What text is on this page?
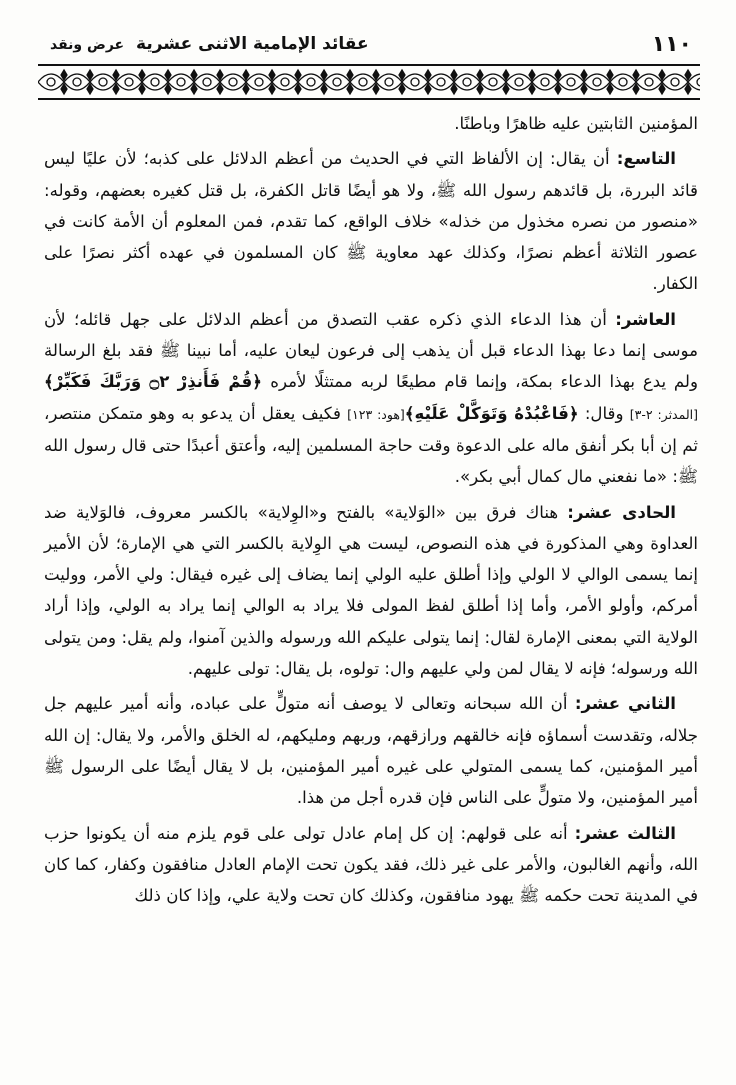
١١٠
عقائد الإمامية الاثنى عشرية عرض ونقد

المؤمنين الثابتين عليه ظاهرًا وباطنًا.

التاسع: أن يقال: إن الألفاظ التي في الحديث من أعظم الدلائل على كذبه؛ لأن عليًا ليس قائد البررة، بل قائدهم رسول الله ﷺ، ولا هو أيضًا قاتل الكفرة، بل قتل كغيره بعضهم، وقوله: «منصور من نصره مخذول من خذله» خلاف الواقع، كما تقدم، فمن المعلوم أن الأمة كانت في عصور الثلاثة أعظم نصرًا، وكذلك عهد معاوية ﷺ كان المسلمون في عهده أكثر نصرًا على الكفار.

العاشر: أن هذا الدعاء الذي ذكره عقب التصدق من أعظم الدلائل على جهل قائله؛ لأن موسى إنما دعا بهذا الدعاء قبل أن يذهب إلى فرعون ليعان عليه، أما نبينا ﷺ فقد بلغ الرسالة ولم يدع بهذا الدعاء بمكة، وإنما قام مطيعًا لربه ممتثلًا لأمره ﴿قُمْ فَأَنذِرْ ۝٢ وَرَبَّكَ فَكَبِّرْ﴾ [المدثر: ٢-٣] وقال: ﴿فَاعْبُدْهُ وَتَوَكَّلْ عَلَيْهِ﴾[هود: ١٢٣] فكيف يعقل أن يدعو به وهو متمكن منتصر، ثم إن أبا بكر أنفق ماله على الدعوة وقت حاجة المسلمين إليه، وأعتق أعبدًا حتى قال رسول الله ﷺ: «ما نفعني مال كمال أبي بكر».

الحادى عشر: هناك فرق بين «الوَلاية» بالفتح و«الوِلاية» بالكسر معروف، فالوَلاية ضد العداوة وهي المذكورة في هذه النصوص، ليست هي الوِلاية بالكسر التي هي الإمارة؛ لأن الأمير إنما يسمى الوالي لا الولي وإذا أطلق عليه الولي إنما يضاف إلى غيره فيقال: ولي الأمر، ووليت أمركم، وأولو الأمر، وأما إذا أطلق لفظ المولى فلا يراد به الوالي إنما يراد به الولي، وإذا أراد الولاية التي بمعنى الإمارة لقال: إنما يتولى عليكم الله ورسوله والذين آمنوا، ولم يقل: ومن يتولى الله ورسوله؛ فإنه لا يقال لمن ولي عليهم وال: تولوه، بل يقال: تولى عليهم.

الثاني عشر: أن الله سبحانه وتعالى لا يوصف أنه متولٍّ على عباده، وأنه أمير عليهم جل جلاله، وتقدست أسماؤه فإنه خالقهم ورازقهم، وربهم ومليكهم، له الخلق والأمر، ولا يقال: إن الله أمير المؤمنين، كما يسمى المتولي على غيره أمير المؤمنين، بل لا يقال أيضًا على الرسول ﷺ أمير المؤمنين، ولا متولٍّ على الناس فإن قدره أجل من هذا.

الثالث عشر: أنه على قولهم: إن كل إمام عادل تولى على قوم يلزم منه أن يكونوا حزب الله، وأنهم الغالبون، والأمر على غير ذلك، فقد يكون تحت الإمام العادل منافقون وكفار، كما كان في المدينة تحت حكمه ﷺ يهود منافقون، وكذلك كان تحت ولاية علي، وإذا كان ذلك
